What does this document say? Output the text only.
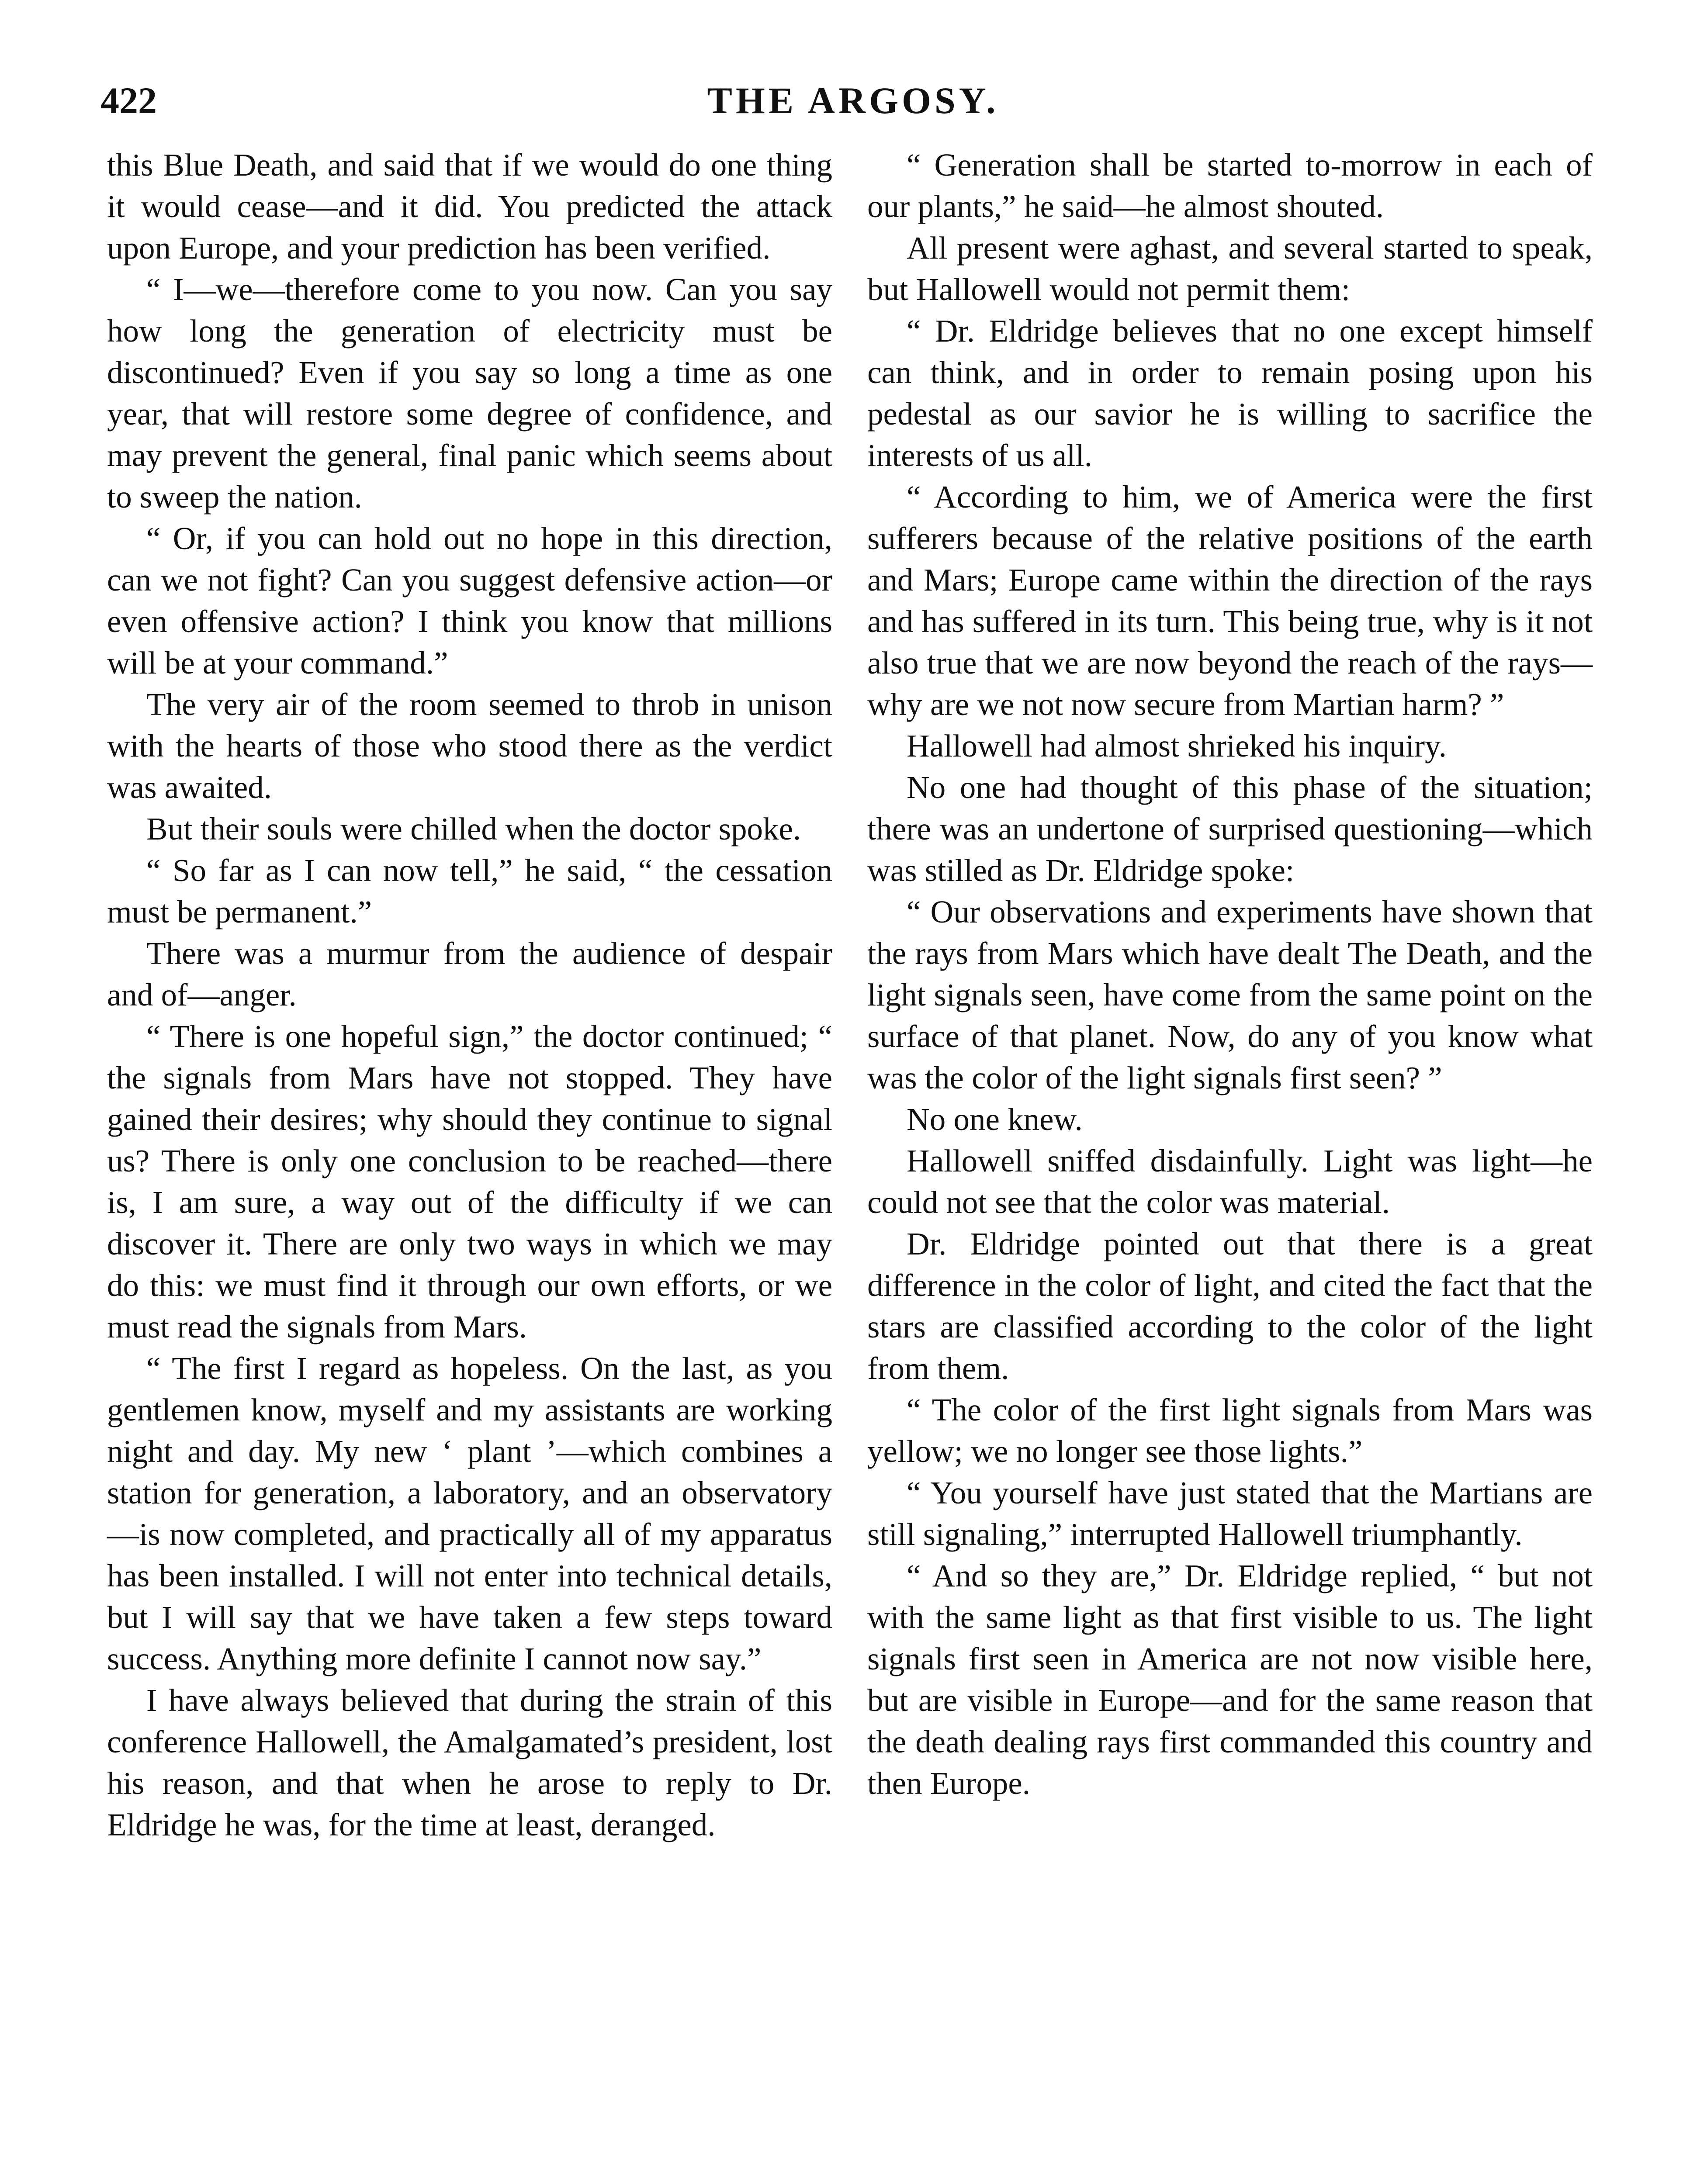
422	THE ARGOSY.

this Blue Death, and said that if we would do one thing it would cease—and it did. You predicted the attack upon Europe, and your prediction has been verified.

“ I—we—therefore come to you now. Can you say how long the generation of electricity must be discontinued? Even if you say so long a time as one year, that will restore some degree of confidence, and may prevent the general, final panic which seems about to sweep the nation.

“ Or, if you can hold out no hope in this direction, can we not fight? Can you suggest defensive action—or even offensive action? I think you know that millions will be at your command.”

The very air of the room seemed to throb in unison with the hearts of those who stood there as the verdict was awaited.

But their souls were chilled when the doctor spoke.

“ So far as I can now tell,” he said, “ the cessation must be permanent.”

There was a murmur from the audience of despair and of—anger.

“ There is one hopeful sign,” the doctor continued; “ the signals from Mars have not stopped. They have gained their desires; why should they continue to signal us? There is only one conclusion to be reached—there is, I am sure, a way out of the difficulty if we can discover it. There are only two ways in which we may do this: we must find it through our own efforts, or we must read the signals from Mars.

“ The first I regard as hopeless. On the last, as you gentlemen know, myself and my assistants are working night and day. My new ‘ plant ’—which combines a station for generation, a laboratory, and an observatory—is now completed, and practically all of my apparatus has been installed. I will not enter into technical details, but I will say that we have taken a few steps toward success. Anything more definite I cannot now say.”

I have always believed that during the strain of this conference Hallowell, the Amalgamated’s president, lost his reason, and that when he arose to reply to Dr. Eldridge he was, for the time at least, deranged.

“ Generation shall be started to-morrow in each of our plants,” he said—he almost shouted.

All present were aghast, and several started to speak, but Hallowell would not permit them:

“ Dr. Eldridge believes that no one except himself can think, and in order to remain posing upon his pedestal as our savior he is willing to sacrifice the interests of us all.

“ According to him, we of America were the first sufferers because of the relative positions of the earth and Mars; Europe came within the direction of the rays and has suffered in its turn. This being true, why is it not also true that we are now beyond the reach of the rays—why are we not now secure from Martian harm? ”

Hallowell had almost shrieked his inquiry.

No one had thought of this phase of the situation; there was an undertone of surprised questioning—which was stilled as Dr. Eldridge spoke:

“ Our observations and experiments have shown that the rays from Mars which have dealt The Death, and the light signals seen, have come from the same point on the surface of that planet. Now, do any of you know what was the color of the light signals first seen? ”

No one knew.

Hallowell sniffed disdainfully. Light was light—he could not see that the color was material.

Dr. Eldridge pointed out that there is a great difference in the color of light, and cited the fact that the stars are classified according to the color of the light from them.

“ The color of the first light signals from Mars was yellow; we no longer see those lights.”

“ You yourself have just stated that the Martians are still signaling,” interrupted Hallowell triumphantly.

“ And so they are,” Dr. Eldridge replied, “ but not with the same light as that first visible to us. The light signals first seen in America are not now visible here, but are visible in Europe—and for the same reason that the death dealing rays first commanded this country and then Europe.
